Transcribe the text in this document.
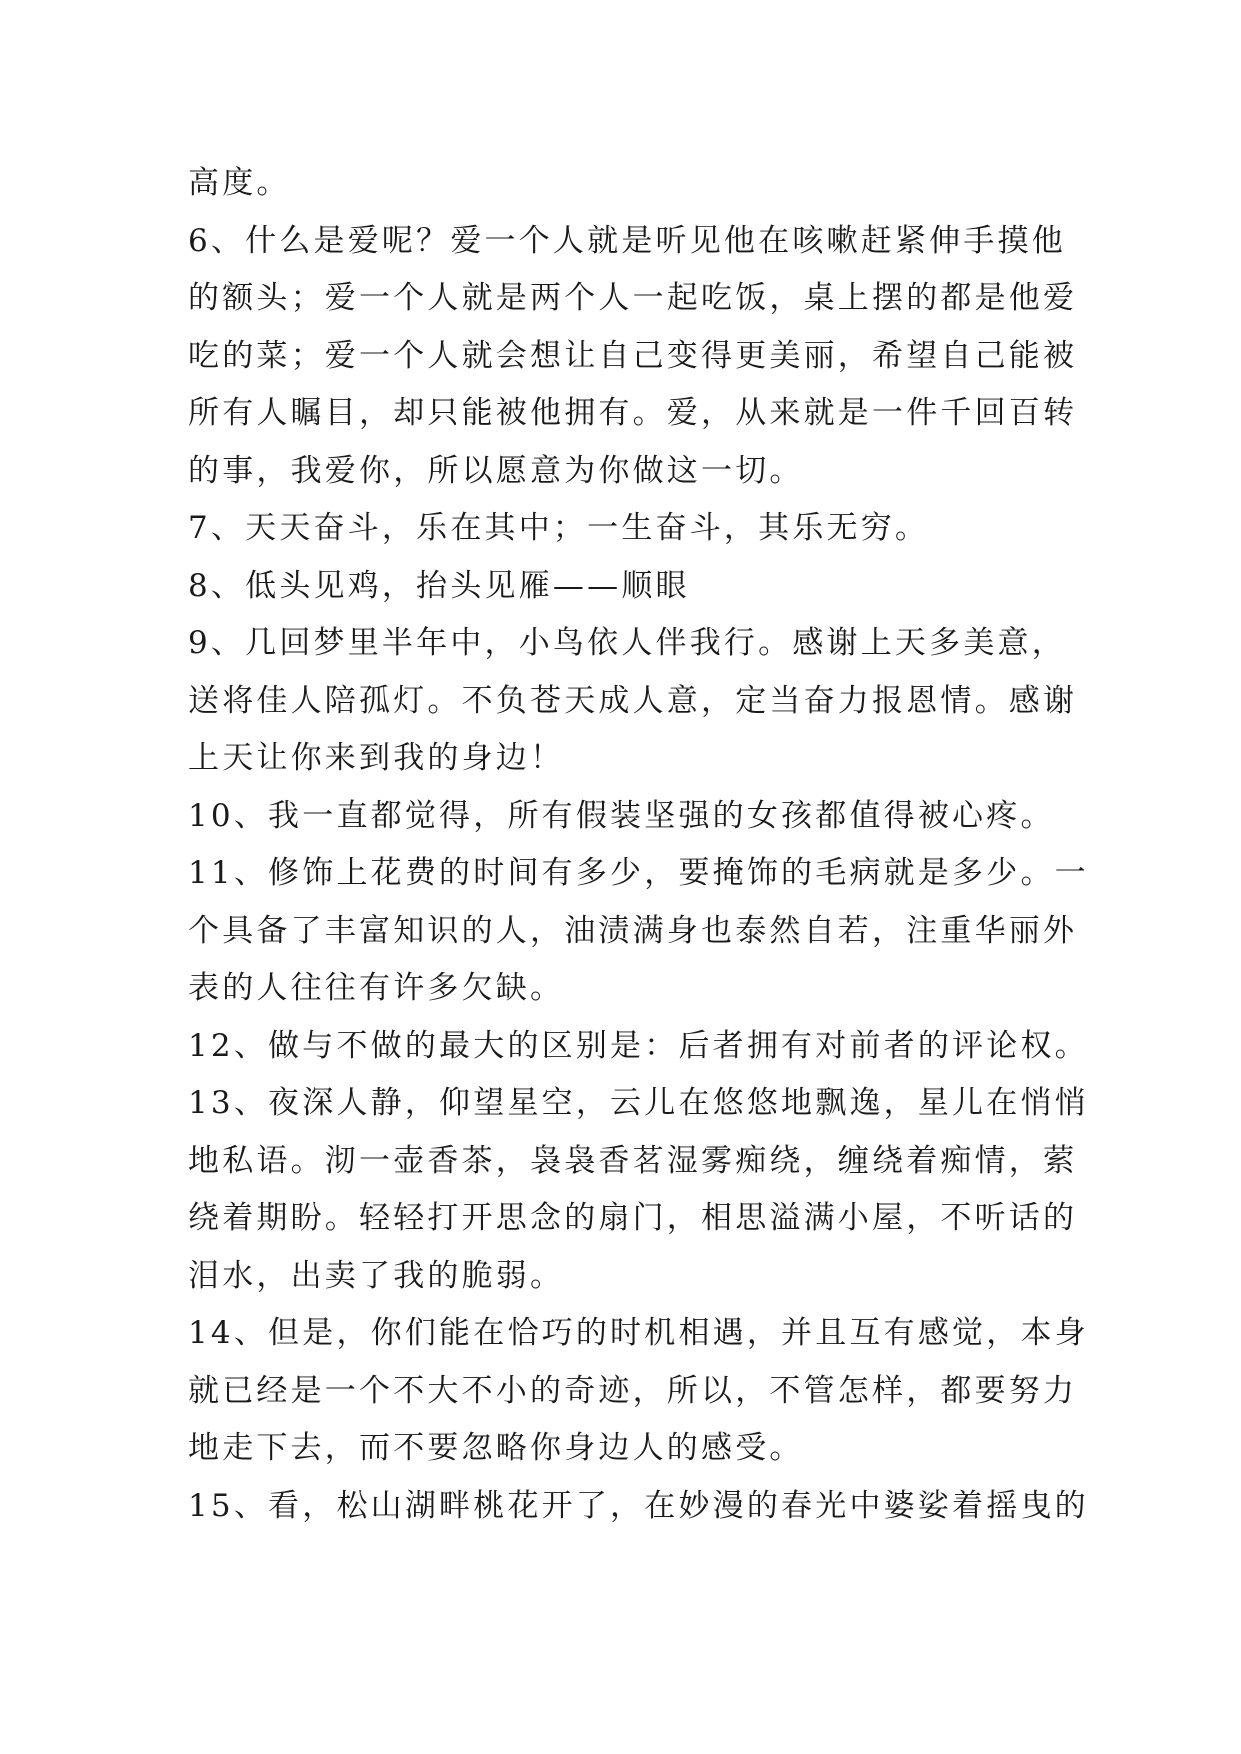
高度。
6、什么是爱呢？爱一个人就是听见他在咳嗽赶紧伸手摸他
的额头；爱一个人就是两个人一起吃饭，桌上摆的都是他爱
吃的菜；爱一个人就会想让自己变得更美丽，希望自己能被
所有人瞩目，却只能被他拥有。爱，从来就是一件千回百转
的事，我爱你，所以愿意为你做这一切。
7、天天奋斗，乐在其中；一生奋斗，其乐无穷。
8、低头见鸡，抬头见雁——顺眼
9、几回梦里半年中，小鸟依人伴我行。感谢上天多美意，
送将佳人陪孤灯。不负苍天成人意，定当奋力报恩情。感谢
上天让你来到我的身边！
10、我一直都觉得，所有假装坚强的女孩都值得被心疼。
11、修饰上花费的时间有多少，要掩饰的毛病就是多少。一
个具备了丰富知识的人，油渍满身也泰然自若，注重华丽外
表的人往往有许多欠缺。
12、做与不做的最大的区别是：后者拥有对前者的评论权。
13、夜深人静，仰望星空，云儿在悠悠地飘逸，星儿在悄悄
地私语。沏一壶香茶，袅袅香茗湿雾痴绕，缠绕着痴情，萦
绕着期盼。轻轻打开思念的扇门，相思溢满小屋，不听话的
泪水，出卖了我的脆弱。
14、但是，你们能在恰巧的时机相遇，并且互有感觉，本身
就已经是一个不大不小的奇迹，所以，不管怎样，都要努力
地走下去，而不要忽略你身边人的感受。
15、看，松山湖畔桃花开了，在妙漫的春光中婆娑着摇曳的
